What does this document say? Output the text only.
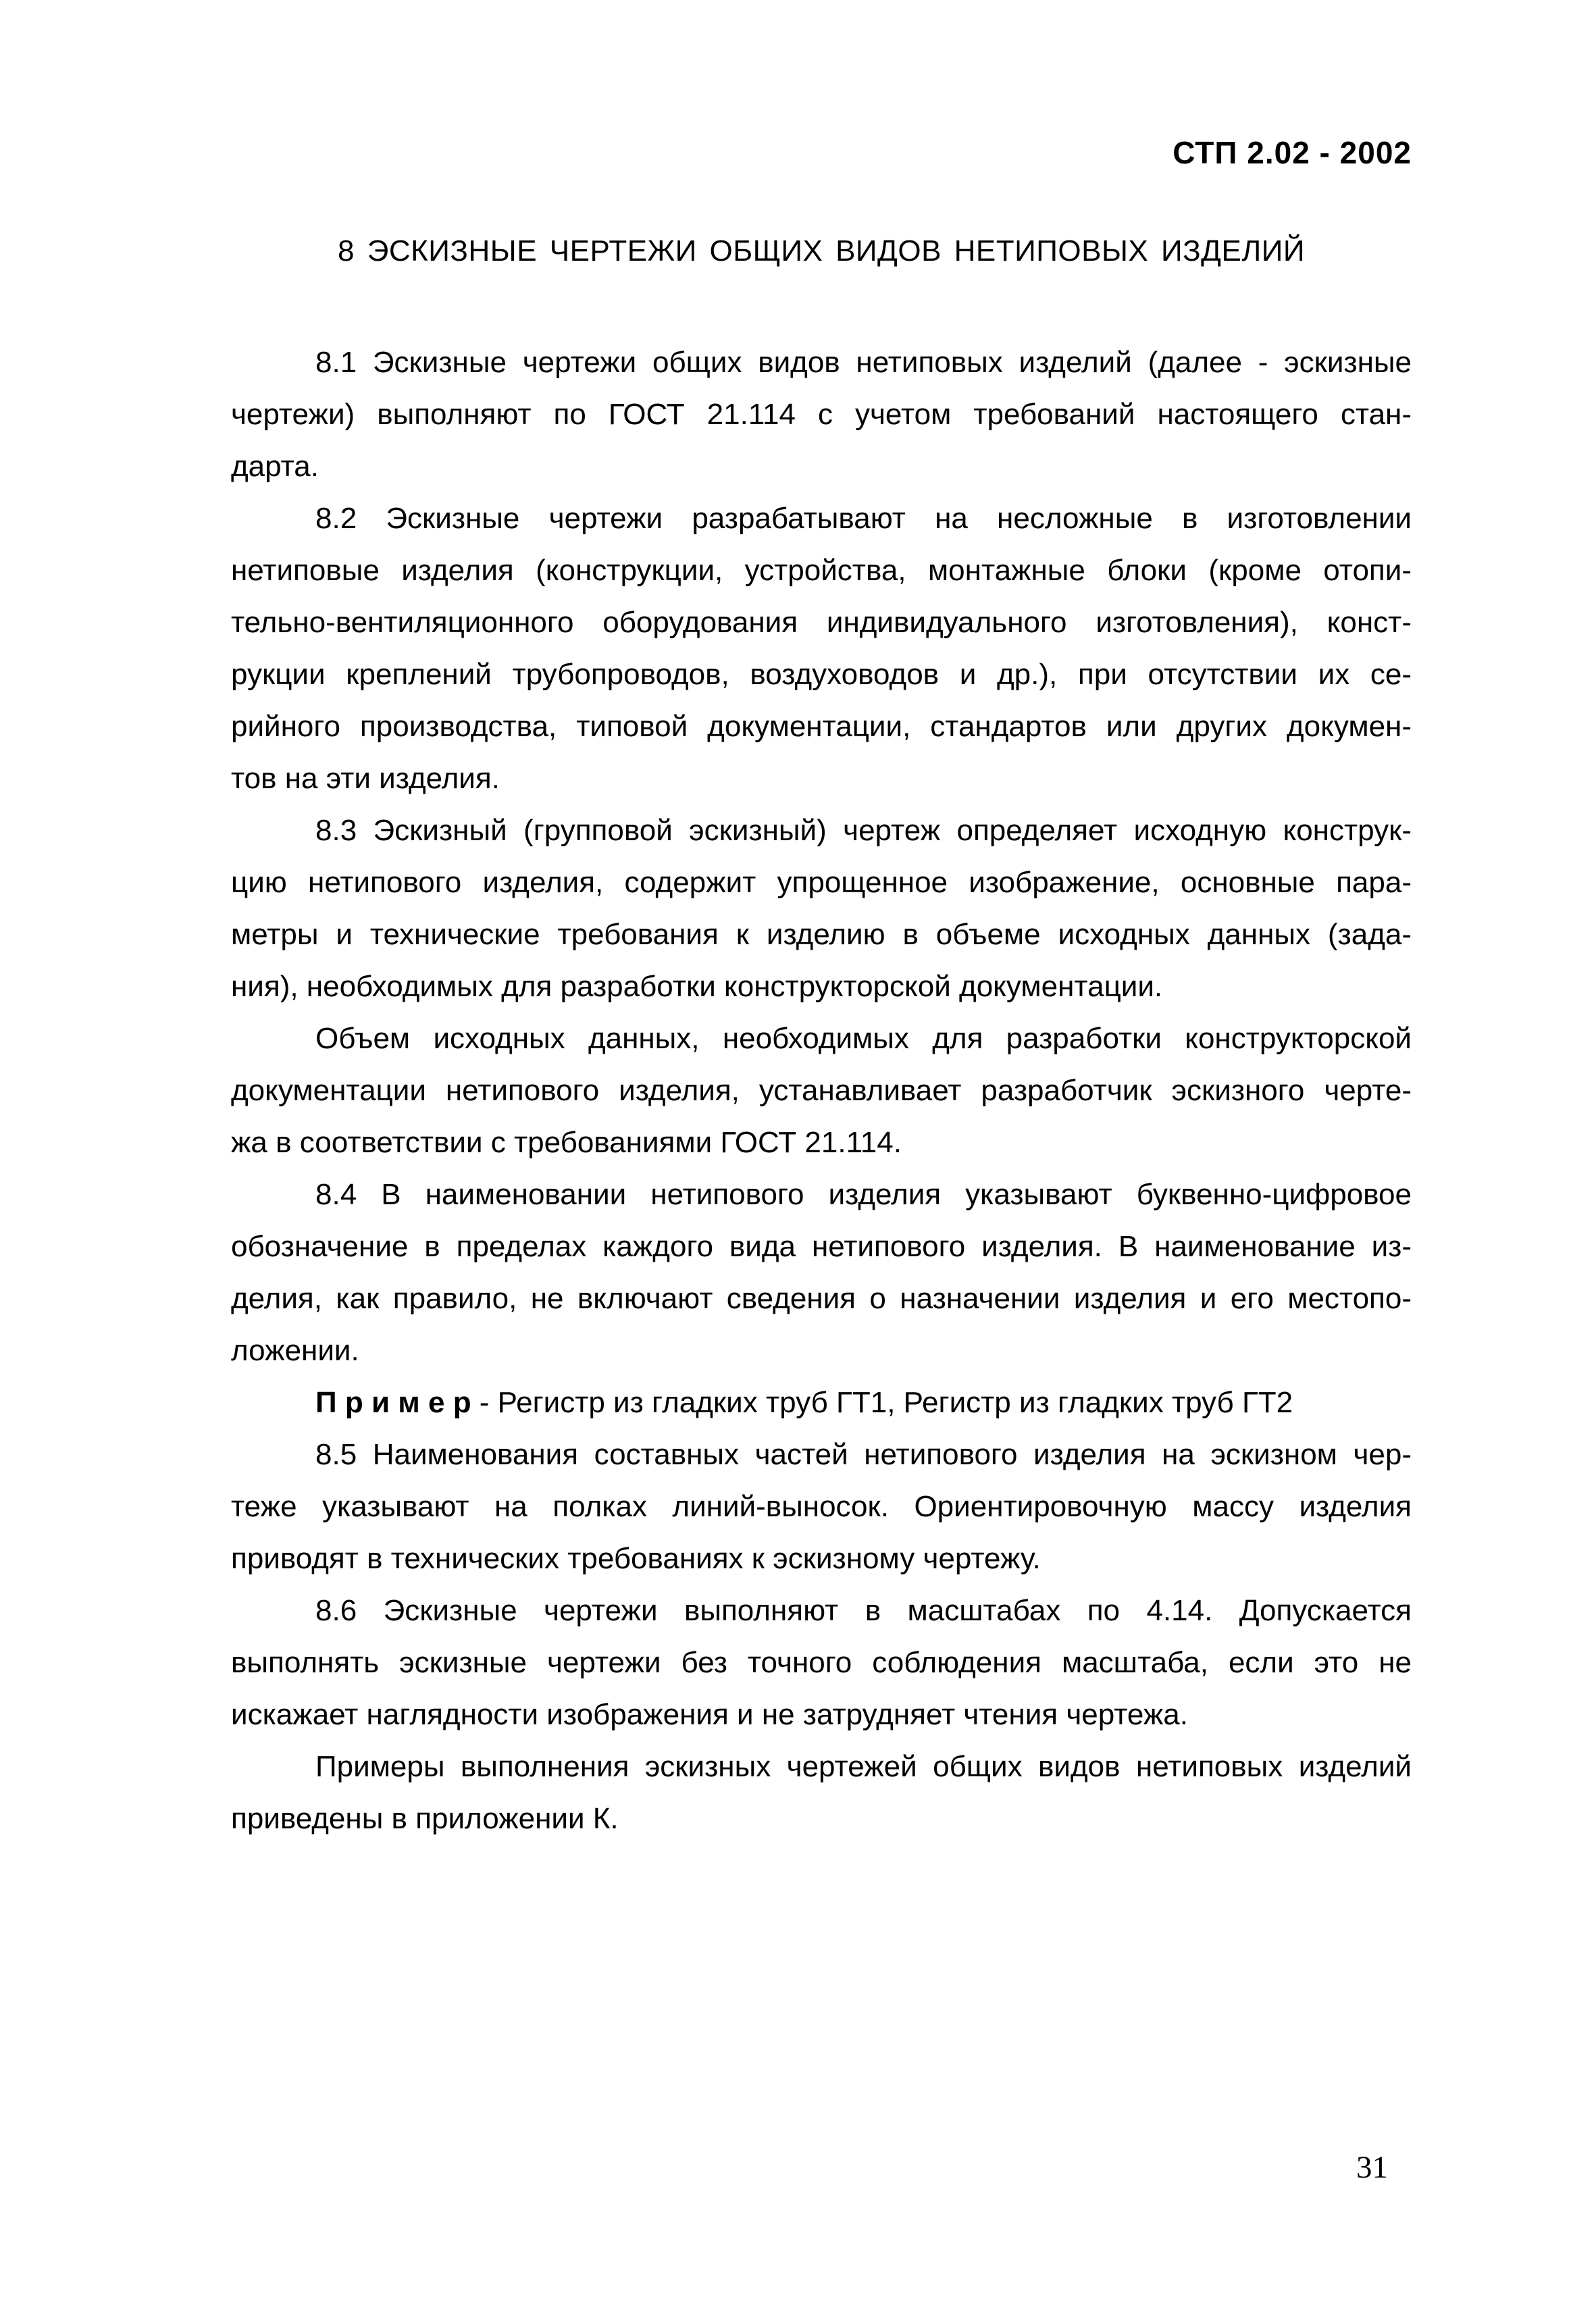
СТП 2.02 - 2002
8 ЭСКИЗНЫЕ ЧЕРТЕЖИ ОБЩИХ ВИДОВ НЕТИПОВЫХ ИЗДЕЛИЙ
8.1 Эскизные чертежи общих видов нетиповых изделий (далее - эскизные
чертежи) выполняют по ГОСТ 21.114 с учетом требований настоящего стан-
дарта.
8.2 Эскизные чертежи разрабатывают на несложные в изготовлении
нетиповые изделия (конструкции, устройства, монтажные блоки (кроме отопи-
тельно-вентиляционного оборудования индивидуального изготовления), конст-
рукции креплений трубопроводов, воздуховодов и др.), при отсутствии их се-
рийного производства, типовой документации, стандартов или других докумен-
тов на эти изделия.
8.3 Эскизный (групповой эскизный) чертеж определяет исходную конструк-
цию нетипового изделия, содержит упрощенное изображение, основные пара-
метры и технические требования к изделию в объеме исходных данных (зада-
ния), необходимых для разработки конструкторской документации.
Объем исходных данных, необходимых для разработки конструкторской
документации нетипового изделия, устанавливает разработчик эскизного черте-
жа в соответствии с требованиями ГОСТ 21.114.
8.4 В наименовании нетипового изделия указывают буквенно-цифровое
обозначение в пределах каждого вида нетипового изделия. В наименование из-
делия, как правило, не включают сведения о назначении изделия и его местопо-
ложении.
П р и м е р - Регистр из гладких труб ГТ1, Регистр из гладких труб ГТ2
8.5 Наименования составных частей нетипового изделия на эскизном чер-
теже указывают на полках линий-выносок. Ориентировочную массу изделия
приводят в технических требованиях к эскизному чертежу.
8.6 Эскизные чертежи выполняют в масштабах по 4.14. Допускается
выполнять эскизные чертежи без точного соблюдения масштаба, если это не
искажает наглядности изображения и не затрудняет чтения чертежа.
Примеры выполнения эскизных чертежей общих видов нетиповых изделий
приведены в приложении К.
31
